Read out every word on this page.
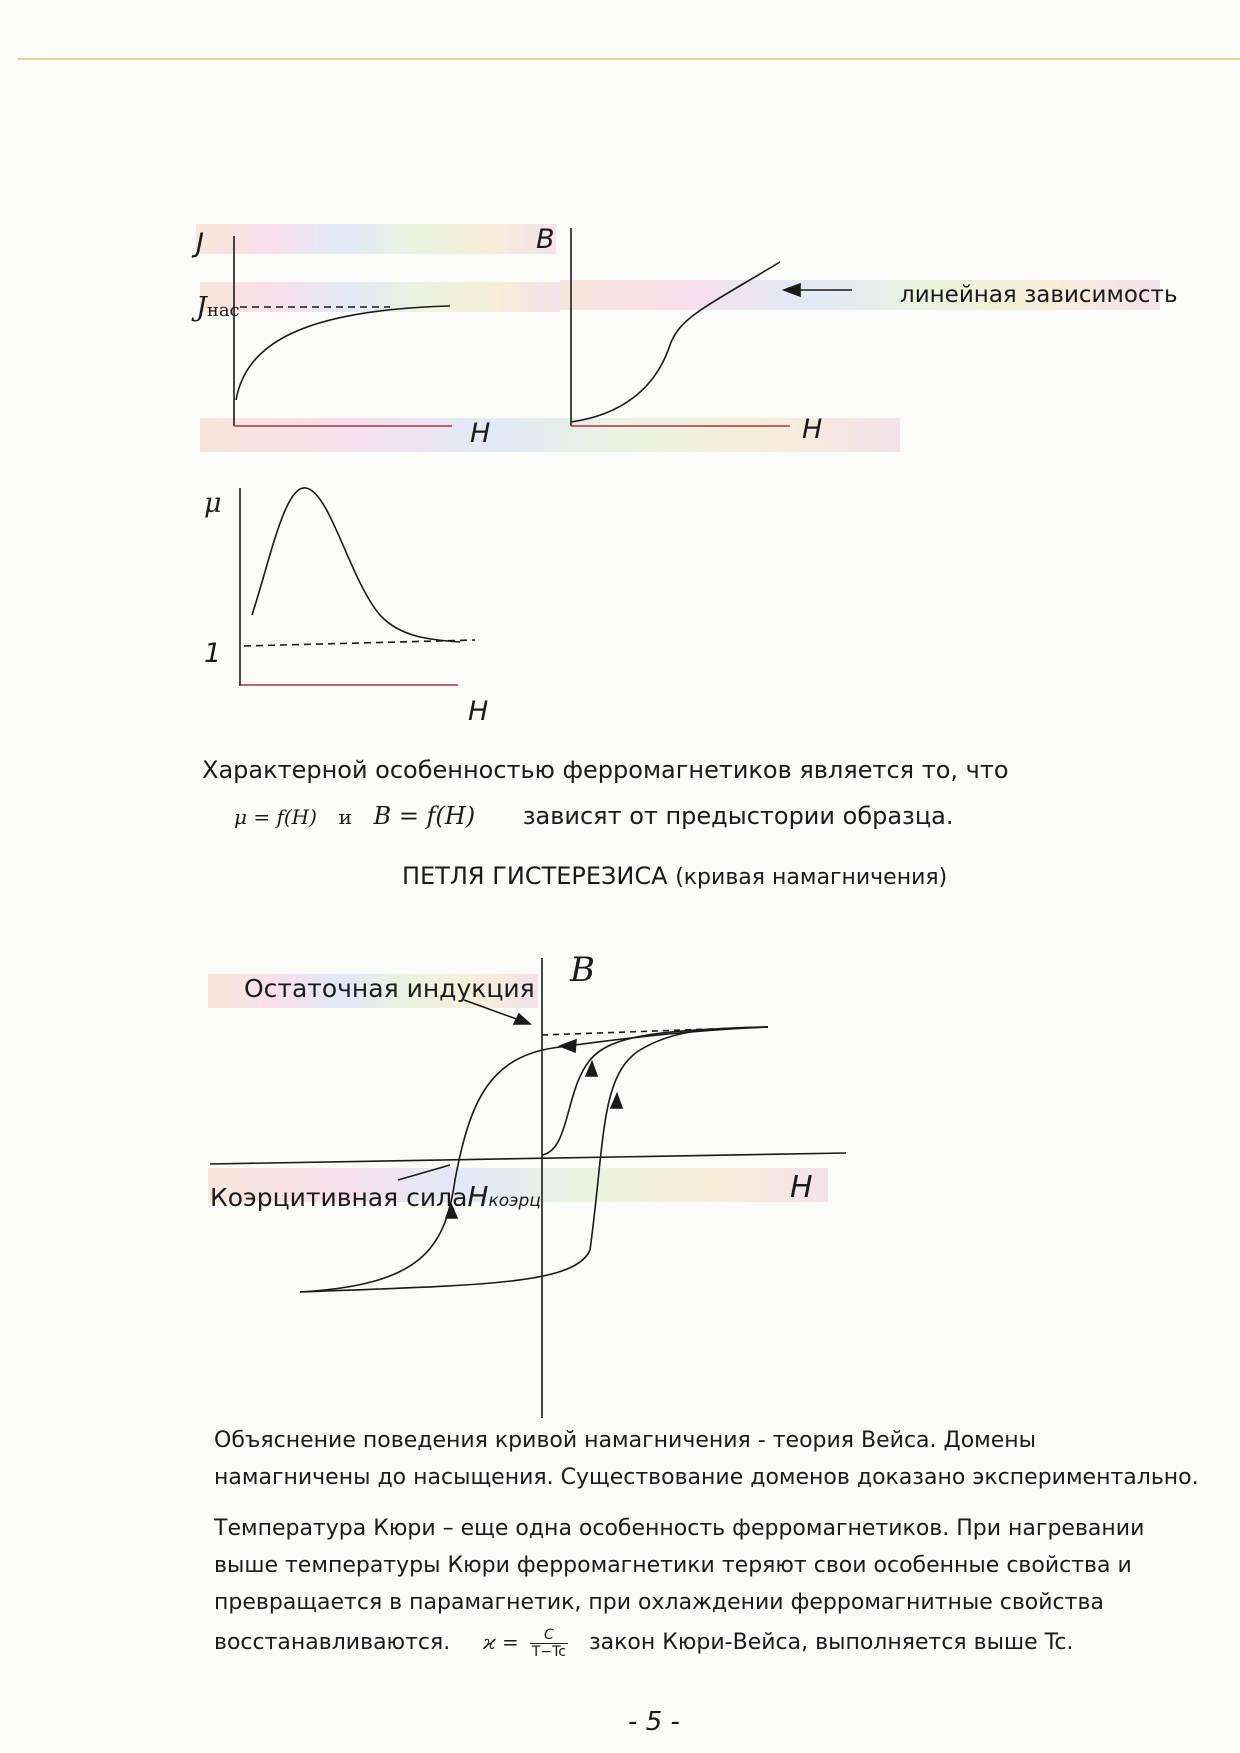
J
Jнас
B
H	H
линейная зависимость
μ
1
H
Характерной особенностью ферромагнетиков является то, что
μ = f(H) и B = f(H) зависят от предыстории образца.
ПЕТЛЯ ГИСТЕРЕЗИСА (кривая намагничения)
B
Остаточная индукция
Коэрцитивная силаHкоэрц	H
Объяснение поведения кривой намагничения - теория Вейса. Домены
намагничены до насыщения. Существование доменов доказано экспериментально.
Температура Кюри – еще одна особенность ферромагнетиков. При нагревании
выше температуры Кюри ферромагнетики теряют свои особенные свойства и
превращается в парамагнетик, при охлаждении ферромагнитные свойства
восстанавливаются. $ϰ = \frac{C}{T-Tc}$ закон Кюри-Вейса, выполняется выше Tc.
- 5 -
